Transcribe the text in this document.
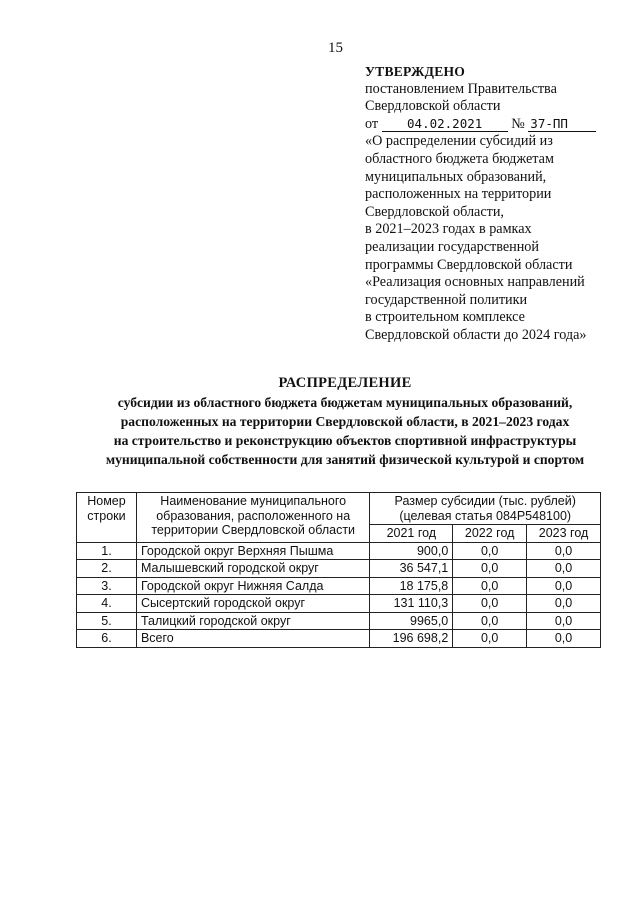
15
УТВЕРЖДЕНО
постановлением Правительства
Свердловской области
от 04.02.2021 № 37-ПП
«О распределении субсидий из
областного бюджета бюджетам
муниципальных образований,
расположенных на территории
Свердловской области,
в 2021–2023 годах в рамках
реализации государственной
программы Свердловской области
«Реализация основных направлений
государственной политики
в строительном комплексе
Свердловской области до 2024 года»
РАСПРЕДЕЛЕНИЕ
субсидии из областного бюджета бюджетам муниципальных образований,
расположенных на территории Свердловской области, в 2021–2023 годах
на строительство и реконструкцию объектов спортивной инфраструктуры
муниципальной собственности для занятий физической культурой и спортом
Номер строки	Наименование муниципального образования, расположенного на территории Свердловской области	Размер субсидии (тыс. рублей) (целевая статья 084P548100)		
		2021 год	2022 год	2023 год
1.	Городской округ Верхняя Пышма	900,0	0,0	0,0
2.	Малышевский городской округ	36 547,1	0,0	0,0
3.	Городской округ Нижняя Салда	18 175,8	0,0	0,0
4.	Сысертский городской округ	131 110,3	0,0	0,0
5.	Талицкий городской округ	9965,0	0,0	0,0
6.	Всего	196 698,2	0,0	0,0
